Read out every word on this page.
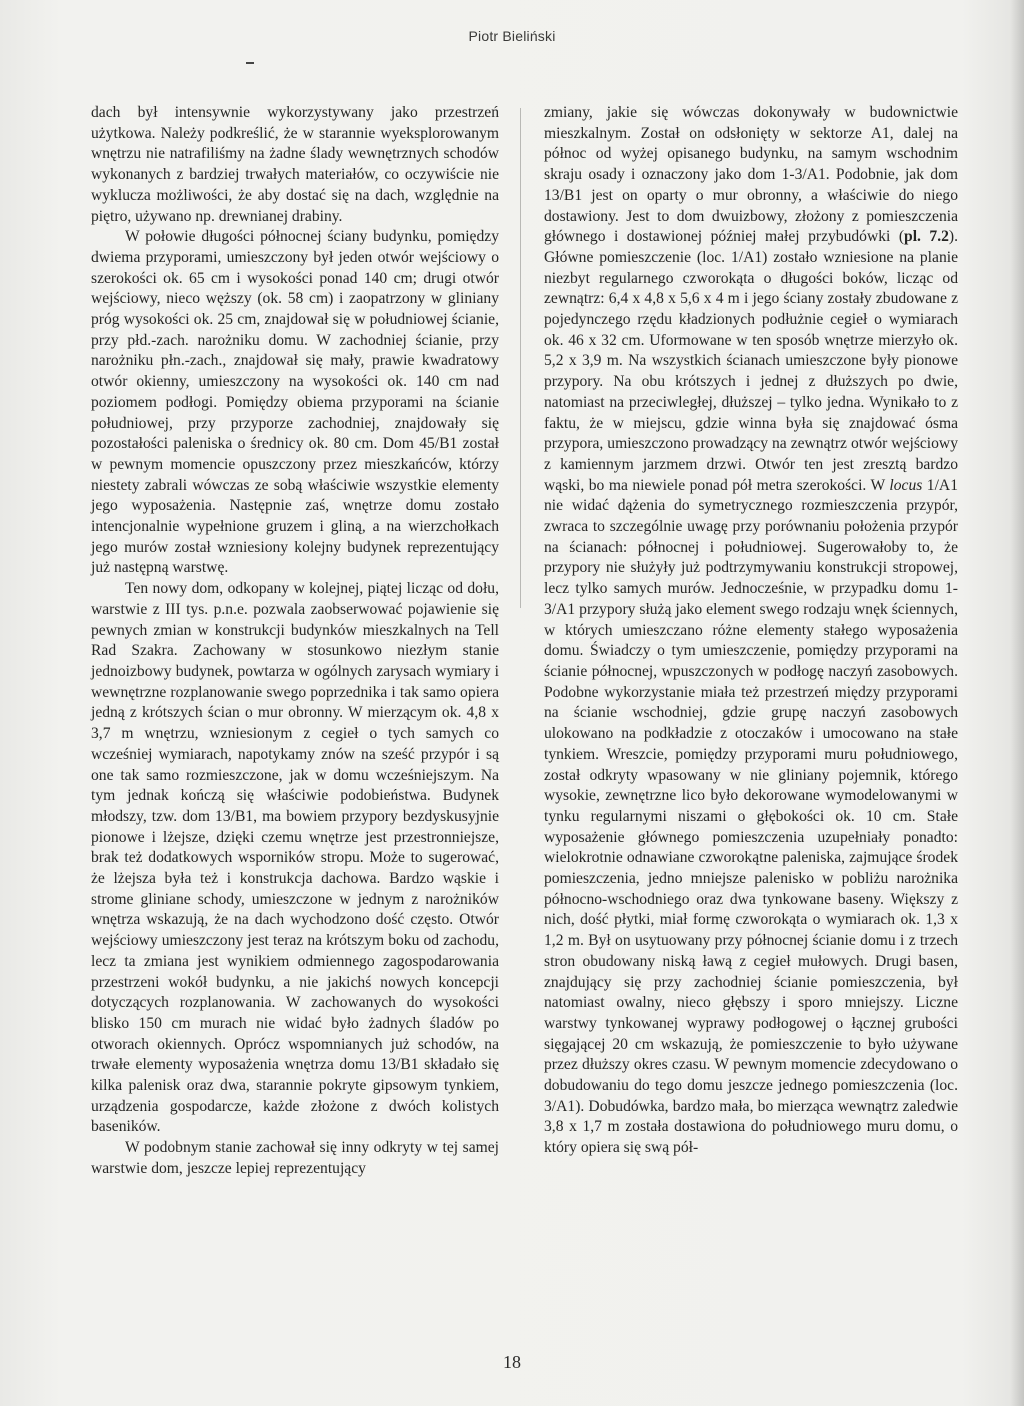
Piotr Bieliński

dach był intensywnie wykorzystywany jako przestrzeń użytkowa. Należy podkreślić, że w starannie wyeksplorowanym wnętrzu nie natrafiliśmy na żadne ślady wewnętrznych schodów wykonanych z bardziej trwałych materiałów, co oczywiście nie wyklucza możliwości, że aby dostać się na dach, względnie na piętro, używano np. drewnianej drabiny.

W połowie długości północnej ściany budynku, pomiędzy dwiema przyporami, umieszczony był jeden otwór wejściowy o szerokości ok. 65 cm i wysokości ponad 140 cm; drugi otwór wejściowy, nieco węższy (ok. 58 cm) i zaopatrzony w gliniany próg wysokości ok. 25 cm, znajdował się w południowej ścianie, przy płd.-zach. narożniku domu. W zachodniej ścianie, przy narożniku płn.-zach., znajdował się mały, prawie kwadratowy otwór okienny, umieszczony na wysokości ok. 140 cm nad poziomem podłogi. Pomiędzy obiema przyporami na ścianie południowej, przy przyporze zachodniej, znajdowały się pozostałości paleniska o średnicy ok. 80 cm. Dom 45/B1 został w pewnym momencie opuszczony przez mieszkańców, którzy niestety zabrali wówczas ze sobą właściwie wszystkie elementy jego wyposażenia. Następnie zaś, wnętrze domu zostało intencjonalnie wypełnione gruzem i gliną, a na wierzchołkach jego murów został wzniesiony kolejny budynek reprezentujący już następną warstwę.

Ten nowy dom, odkopany w kolejnej, piątej licząc od dołu, warstwie z III tys. p.n.e. pozwala zaobserwować pojawienie się pewnych zmian w konstrukcji budynków mieszkalnych na Tell Rad Szakra. Zachowany w stosunkowo niezłym stanie jednoizbowy budynek, powtarza w ogólnych zarysach wymiary i wewnętrzne rozplanowanie swego poprzednika i tak samo opiera jedną z krótszych ścian o mur obronny. W mierzącym ok. 4,8 x 3,7 m wnętrzu, wzniesionym z cegieł o tych samych co wcześniej wymiarach, napotykamy znów na sześć przypór i są one tak samo rozmieszczone, jak w domu wcześniejszym. Na tym jednak kończą się właściwie podobieństwa. Budynek młodszy, tzw. dom 13/B1, ma bowiem przypory bezdyskusyjnie pionowe i lżejsze, dzięki czemu wnętrze jest przestronniejsze, brak też dodatkowych wsporników stropu. Może to sugerować, że lżejsza była też i konstrukcja dachowa. Bardzo wąskie i strome gliniane schody, umieszczone w jednym z narożników wnętrza wskazują, że na dach wychodzono dość często. Otwór wejściowy umieszczony jest teraz na krótszym boku od zachodu, lecz ta zmiana jest wynikiem odmiennego zagospodarowania przestrzeni wokół budynku, a nie jakichś nowych koncepcji dotyczących rozplanowania. W zachowanych do wysokości blisko 150 cm murach nie widać było żadnych śladów po otworach okiennych. Oprócz wspomnianych już schodów, na trwałe elementy wyposażenia wnętrza domu 13/B1 składało się kilka palenisk oraz dwa, starannie pokryte gipsowym tynkiem, urządzenia gospodarcze, każde złożone z dwóch kolistych baseników.

W podobnym stanie zachował się inny odkryty w tej samej warstwie dom, jeszcze lepiej reprezentujący

zmiany, jakie się wówczas dokonywały w budownictwie mieszkalnym. Został on odsłonięty w sektorze A1, dalej na północ od wyżej opisanego budynku, na samym wschodnim skraju osady i oznaczony jako dom 1-3/A1. Podobnie, jak dom 13/B1 jest on oparty o mur obronny, a właściwie do niego dostawiony. Jest to dom dwuizbowy, złożony z pomieszczenia głównego i dostawionej później małej przybudówki (pl. 7.2). Główne pomieszczenie (loc. 1/A1) zostało wzniesione na planie niezbyt regularnego czworokąta o długości boków, licząc od zewnątrz: 6,4 x 4,8 x 5,6 x 4 m i jego ściany zostały zbudowane z pojedynczego rzędu kładzionych podłużnie cegieł o wymiarach ok. 46 x 32 cm. Uformowane w ten sposób wnętrze mierzyło ok. 5,2 x 3,9 m. Na wszystkich ścianach umieszczone były pionowe przypory. Na obu krótszych i jednej z dłuższych po dwie, natomiast na przeciwległej, dłuższej – tylko jedna. Wynikało to z faktu, że w miejscu, gdzie winna była się znajdować ósma przypora, umieszczono prowadzący na zewnątrz otwór wejściowy z kamiennym jarzmem drzwi. Otwór ten jest zresztą bardzo wąski, bo ma niewiele ponad pół metra szerokości. W locus 1/A1 nie widać dążenia do symetrycznego rozmieszczenia przypór, zwraca to szczególnie uwagę przy porównaniu położenia przypór na ścianach: północnej i południowej. Sugerowałoby to, że przypory nie służyły już podtrzymywaniu konstrukcji stropowej, lecz tylko samych murów. Jednocześnie, w przypadku domu 1-3/A1 przypory służą jako element swego rodzaju wnęk ściennych, w których umieszczano różne elementy stałego wyposażenia domu. Świadczy o tym umieszczenie, pomiędzy przyporami na ścianie północnej, wpuszczonych w podłogę naczyń zasobowych. Podobne wykorzystanie miała też przestrzeń między przyporami na ścianie wschodniej, gdzie grupę naczyń zasobowych ulokowano na podkładzie z otoczaków i umocowano na stałe tynkiem. Wreszcie, pomiędzy przyporami muru południowego, został odkryty wpasowany w nie gliniany pojemnik, którego wysokie, zewnętrzne lico było dekorowane wymodelowanymi w tynku regularnymi niszami o głębokości ok. 10 cm. Stałe wyposażenie głównego pomieszczenia uzupełniały ponadto: wielokrotnie odnawiane czworokątne paleniska, zajmujące środek pomieszczenia, jedno mniejsze palenisko w pobliżu narożnika północno-wschodniego oraz dwa tynkowane baseny. Większy z nich, dość płytki, miał formę czworokąta o wymiarach ok. 1,3 x 1,2 m. Był on usytuowany przy północnej ścianie domu i z trzech stron obudowany niską ławą z cegieł mułowych. Drugi basen, znajdujący się przy zachodniej ścianie pomieszczenia, był natomiast owalny, nieco głębszy i sporo mniejszy. Liczne warstwy tynkowanej wyprawy podłogowej o łącznej grubości sięgającej 20 cm wskazują, że pomieszczenie to było używane przez dłuższy okres czasu. W pewnym momencie zdecydowano o dobudowaniu do tego domu jeszcze jednego pomieszczenia (loc. 3/A1). Dobudówka, bardzo mała, bo mierząca wewnątrz zaledwie 3,8 x 1,7 m została dostawiona do południowego muru domu, o który opiera się swą pół-

18
